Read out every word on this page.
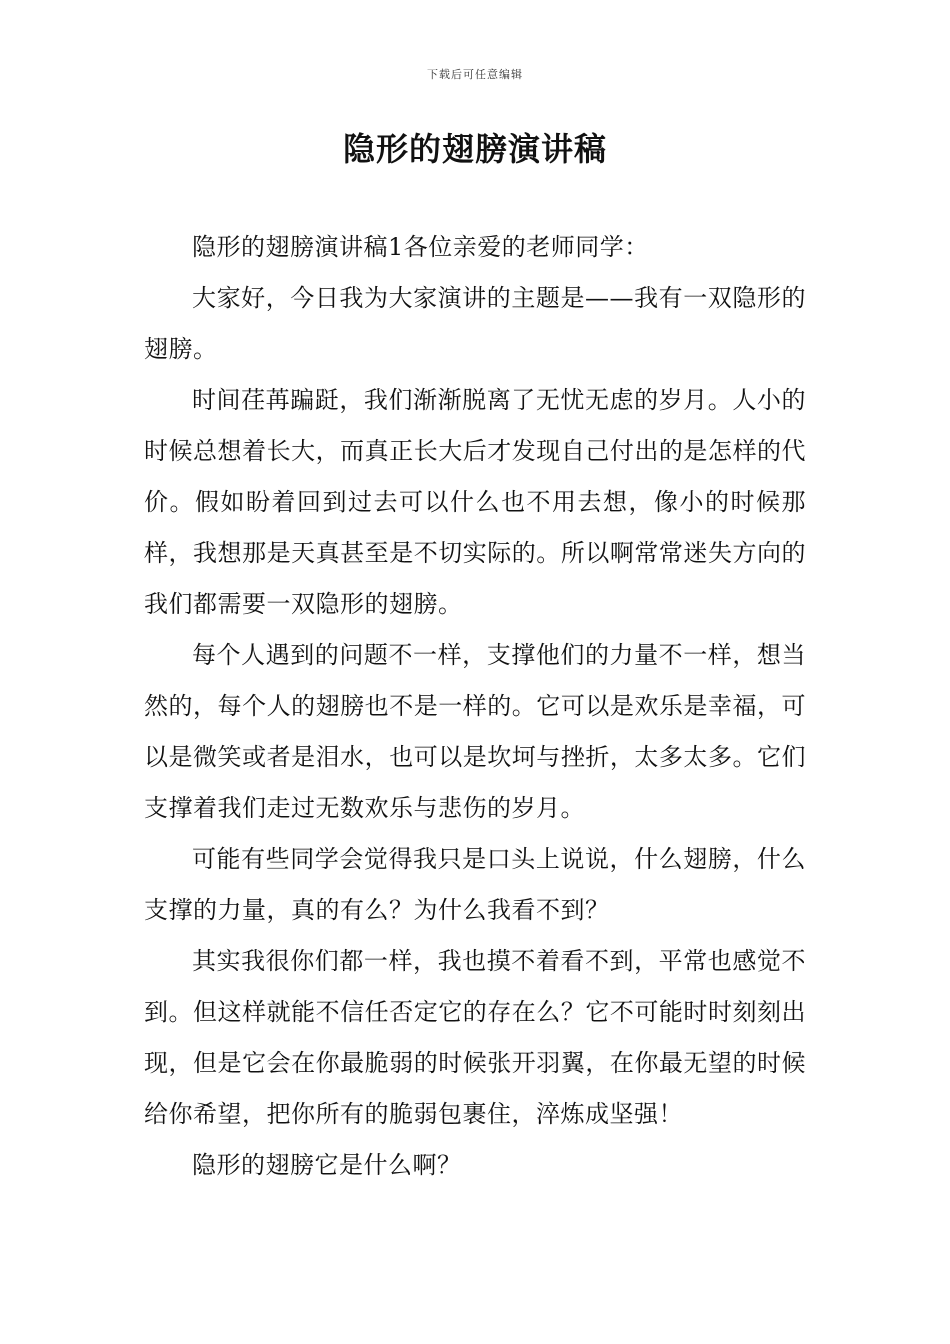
下载后可任意编辑
隐形的翅膀演讲稿

隐形的翅膀演讲稿1各位亲爱的老师同学：

大家好，今日我为大家演讲的主题是——我有一双隐形的翅膀。

时间荏苒蹁跹，我们渐渐脱离了无忧无虑的岁月。人小的时候总想着长大，而真正长大后才发现自己付出的是怎样的代价。假如盼着回到过去可以什么也不用去想，像小的时候那样，我想那是天真甚至是不切实际的。所以啊常常迷失方向的我们都需要一双隐形的翅膀。

每个人遇到的问题不一样，支撑他们的力量不一样，想当然的，每个人的翅膀也不是一样的。它可以是欢乐是幸福，可以是微笑或者是泪水，也可以是坎坷与挫折，太多太多。它们支撑着我们走过无数欢乐与悲伤的岁月。

可能有些同学会觉得我只是口头上说说，什么翅膀，什么支撑的力量，真的有么？为什么我看不到？

其实我很你们都一样，我也摸不着看不到，平常也感觉不到。但这样就能不信任否定它的存在么？它不可能时时刻刻出现，但是它会在你最脆弱的时候张开羽翼，在你最无望的时候给你希望，把你所有的脆弱包裹住，淬炼成坚强！

隐形的翅膀它是什么啊？
